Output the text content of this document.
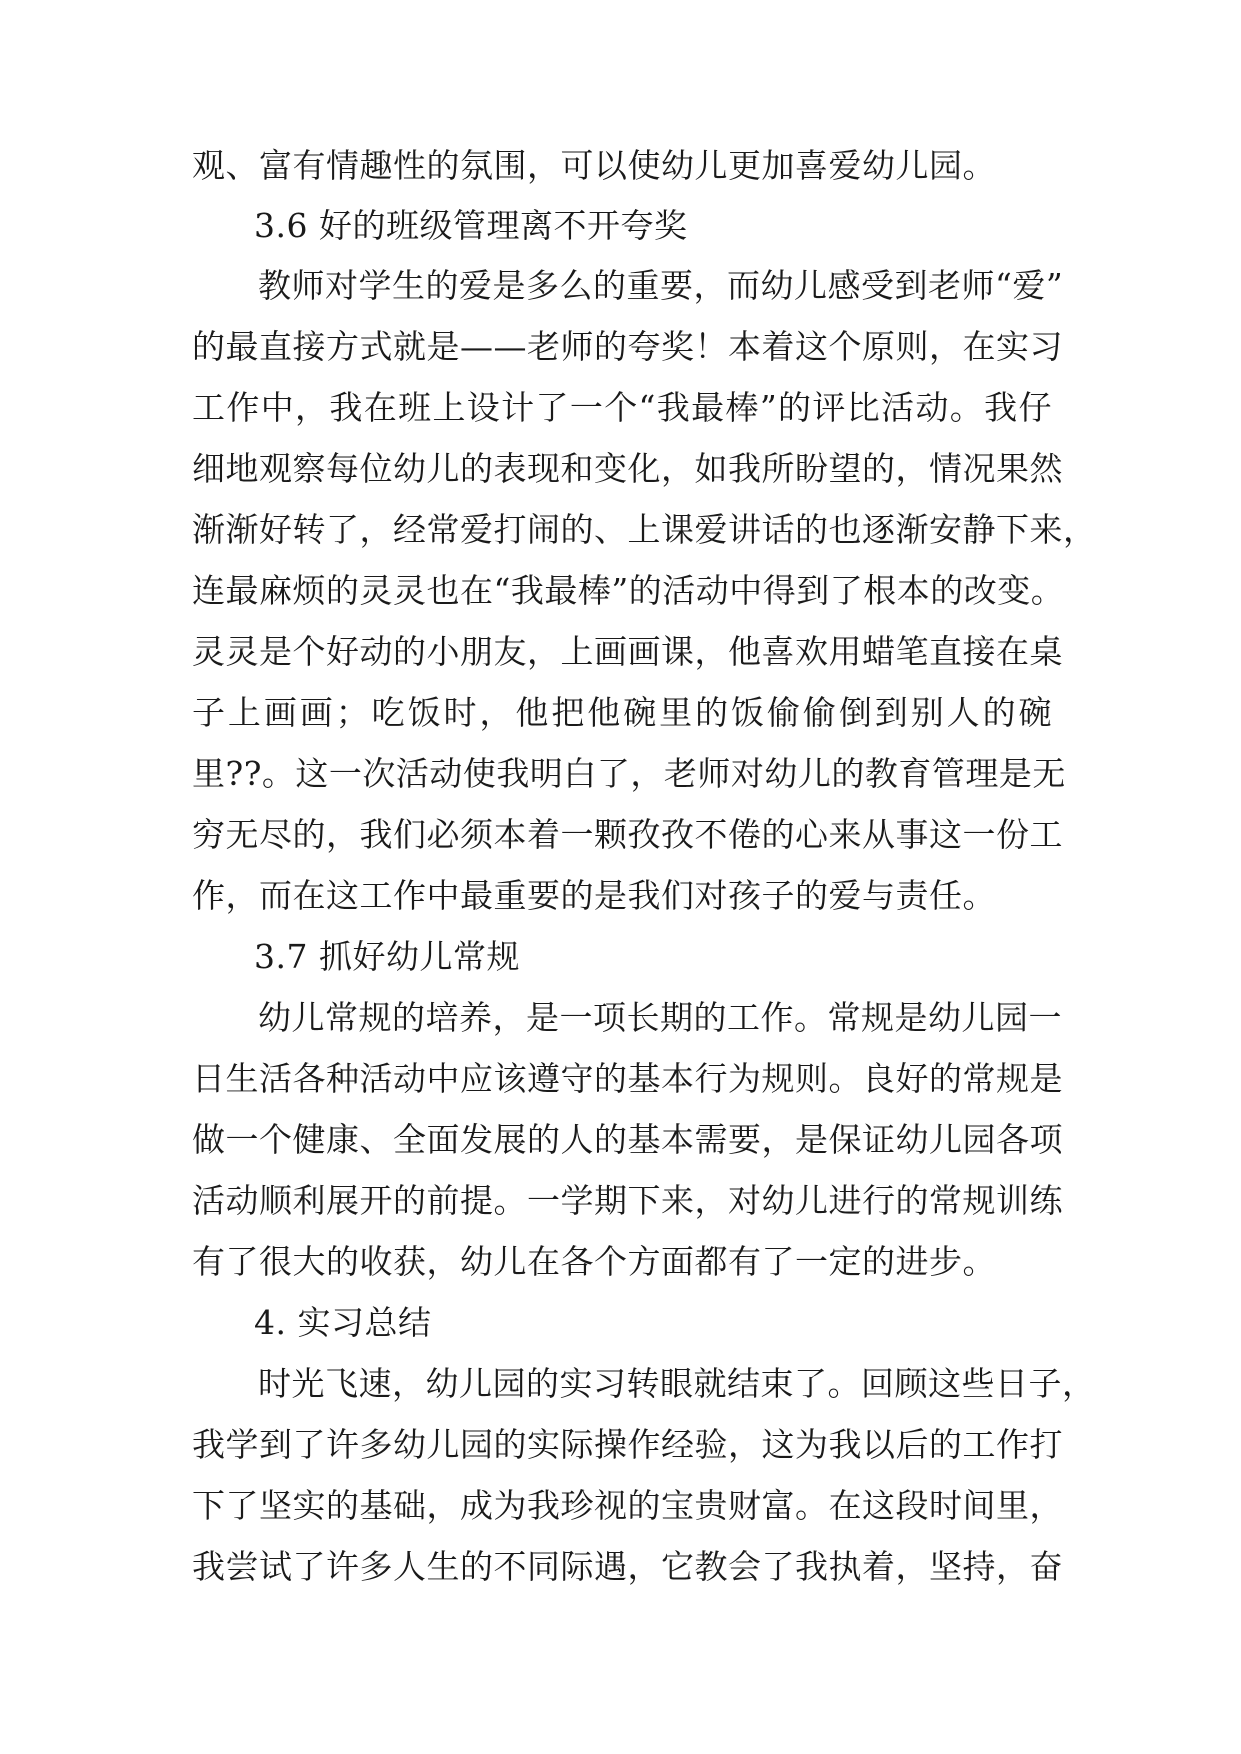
观、富有情趣性的氛围，可以使幼儿更加喜爱幼儿园。
3.6 好的班级管理离不开夸奖
教师对学生的爱是多么的重要，而幼儿感受到老师“爱”
的最直接方式就是——老师的夸奖！本着这个原则，在实习
工作中，我在班上设计了一个“我最棒”的评比活动。我仔
细地观察每位幼儿的表现和变化，如我所盼望的，情况果然
渐渐好转了，经常爱打闹的、上课爱讲话的也逐渐安静下来，
连最麻烦的灵灵也在“我最棒”的活动中得到了根本的改变。
灵灵是个好动的小朋友，上画画课，他喜欢用蜡笔直接在桌
子上画画；吃饭时，他把他碗里的饭偷偷倒到别人的碗
里??。这一次活动使我明白了，老师对幼儿的教育管理是无
穷无尽的，我们必须本着一颗孜孜不倦的心来从事这一份工
作，而在这工作中最重要的是我们对孩子的爱与责任。
3.7 抓好幼儿常规
幼儿常规的培养，是一项长期的工作。常规是幼儿园一
日生活各种活动中应该遵守的基本行为规则。良好的常规是
做一个健康、全面发展的人的基本需要，是保证幼儿园各项
活动顺利展开的前提。一学期下来，对幼儿进行的常规训练
有了很大的收获，幼儿在各个方面都有了一定的进步。
4. 实习总结
时光飞速，幼儿园的实习转眼就结束了。回顾这些日子，
我学到了许多幼儿园的实际操作经验，这为我以后的工作打
下了坚实的基础，成为我珍视的宝贵财富。在这段时间里，
我尝试了许多人生的不同际遇，它教会了我执着，坚持，奋
